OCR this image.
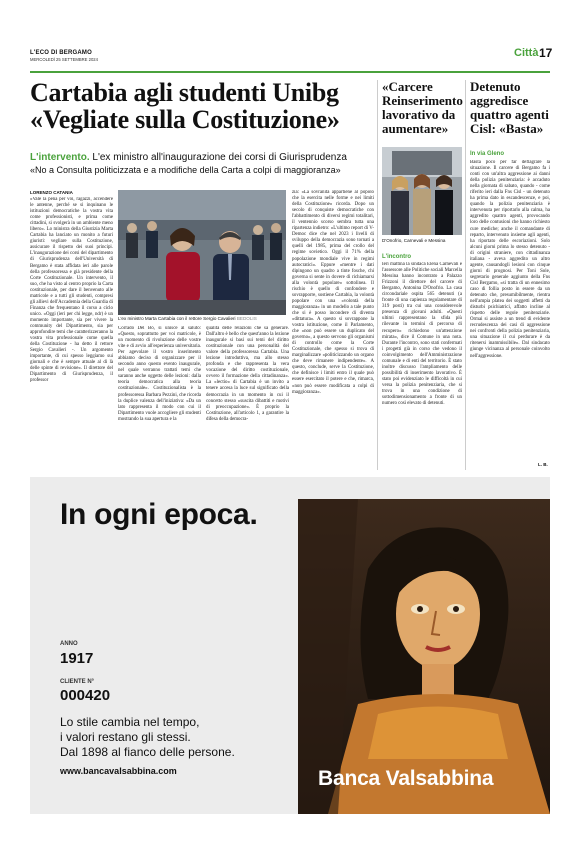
L'ECO DI BERGAMO
MERCOLEDÌ 25 SETTEMBRE 2024
Città 17
Cartabia agli studenti Unibg
«Vegliate sulla Costituzione»
L'intervento. L'ex ministro all'inaugurazione dei corsi di Giurisprudenza
«No a Consulta politicizzata e a modifiche della Carta a colpi di maggioranza»
LORENZO CATANIA
«Vale la pena per voi, ragazzi, accendere le antenne, perché se si inquinano le istituzioni democratiche la vostra vita come professionisti, e prima come cittadini, si svolgerà in un ambiente meno libero». Lo ministra della Giustizia Marta Cartabia ha lanciato un monito a futuri giuristi: vegliare sulla Costituzione, assicurare il rispetto dei suoi principi. L'inaugurazione dei corsi del dipartimento di Giurisprudenza dell'Università di Bergamo è stata affidata ieri alle parole della professoressa e già presidente della Corte Costituzionale. Un intervento, il suo, che ha visto al centro proprio la Carta costituzionale, per dare il benvenuto alle matricole e a tutti gli studenti, compresi gli allievi dell'Accademia della Guardia di Finanza che frequentano il corso a ciclo unico. «Oggi (ieri per chi legge, ndr) è un momento importante, sia per vivere la community del Dipartimento, sia per approfondire temi che caratterizzeranno la vostra vita professionale come quella della Costituzione - ha detto il rettore Sergio Cavalieri -. Un argomento importante, di cui spesso leggiamo sui giornali e che è sempre attuale al di là delle spinte di revisione». Il direttore del Dipartimento di Giurisprudenza, il professor
L'ex ministro Marta Cartabia con il rettore Sergio Cavalieri BEDOLIS
Corrado Del Bò, si unisce al saluto: «Questo, soprattutto per voi matricole, è un momento di rivoluzione delle vostre vite e di avvio all'esperienza universitaria. Per agevolare il vostro inserimento abbiamo deciso di organizzare per il secondo anno questo evento inaugurale, nel quale verranno trattati temi che saranno anche oggetto delle lezioni: dalla teoria democratica alla teoria costituzionale». Costituzionalista è la professoressa Barbara Pezzini, che ricorda la duplice valenza dell'iniziativa: «Da un lato rappresenta il modo con cui il Dipartimento vuole accogliere gli studenti mostrando la sua apertura e la
qualità delle relazioni che sa generare. Dall'altro è bello che quest'anno la lezione inaugurale si basi sui temi del diritto costituzionale con una personalità del valore della professoressa Cartabia. Una lezione introduttiva, ma allo stesso profonda e che rappresenta la vera vocazione del diritto costituzionale, ovvero il formazione della cittadinanza». La «lectio» di Cartabia è un invito a tenere accesa la luce sul significato della democrazia in un momento in cui il concetto stesso «suscita dibattiti e motivi di preoccupazione». È proprio la Costituzione, all'articolo 1, a garantire la difesa della democra-
zia: «La sovranità appartiene al popolo che la esercita nelle forme e nei limiti della Costituzione» ricorda. Dopo un secolo di conquiste democratiche con l'abbattimento di diversi regimi totalitari, il ventennio scorso sembra tutta una ripartenza indietro: «L'ultimo report di V-Democ dice che nel 2023 i livelli di sviluppo della democrazia sono tornati a quelli del 1985, prima del crollo del regime sovietico. Oggi il 71% della popolazione mondiale vive in regimi autocratici». Eppure «mentre i dati dipingono un quadro a tinte fosche, chi governa si sente in dovere di richiamarsi alla volontà popolare» sottolinea. Il rischio è quello di confondere e sovrapporre, sostiene Cartabia, la volontà popolare con una «volontà della maggioranza» in un modello a tale punto che si è posso incondere di diventa «dittatura». A questo si sovrappone la vostra istituzione, come il Parlamento, che «non può essere un duplicato del governo», a questo servono gli organismi di controllo come la Corte Costituzionale, che spesso si trova di marginalizzare «politicizzando un organo che deve rimanere indipendente». A questo, conclude, serve la Costituzione, che definisce i limiti entro il quale può essere esercitato il potere e che, rimarca, «non può essere modificata a colpi di maggioranza».
«Carcere Reinserimento lavorativo da aumentare»
D'Onofrio, Carnevali e Messina
L'incontro
Ieri mattina la sindaca Elena Carnevali e l'assessore alle Politiche sociali Marcella Messina hanno incontrato a Palazzo Frizzoni il direttore del carcere di Bergamo, Antonina D'Onofrio. La casa circondariale ospita 565 detenuti (a fronte di una capienza regolamentare di 319 posti) tra cui una considerevole presenza di giovani adulti. «Questi ultimi rappresentano la sfida più rilevante in termini di percorso di recupero» richiedono un'attenzione mirata», dice il Comune in una nota. Durante l'incontro, sono stati confermati i progetti già in corso che vedono il coinvolgimento dell'Amministrazione comunale e di enti del territorio. È stato inoltre discusso l'ampliamento delle possibilità di inserimento lavorativo. È stato poi evidenziato le difficoltà in cui versa la polizia penitenziaria, che si trova in una condizione di sottodimensionamento a fronte di un numero così elevato di detenuti.
Detenuto aggredisce quattro agenti Cisl: «Basta»
In via Gleno
Basta poco per far deflagrare la situazione. Il carcere di Bergamo fa i conti con un'altra aggressione ai danni della polizia penitenziaria: è accaduto nella giornata di sabato, quando - come riferito ieri dalla Fns Cisl - un detenuto ha prima dato in escandescenze, e poi, quando la polizia penitenziaria è intervenuta per riportarlo alla calma, ha aggredito quattro agenti, provocando loro delle contusioni che hanno richiesto cure mediche; anche il comandante di reparto, intervenuto insieme agli agenti, ha riportato delle escoriazioni. Solo alcuni giorni prima lo stesso detenuto - di origini straniere, con cittadinanza italiana - aveva aggredito un altro agente, causandogli lesioni con cinque giorni di prognosi. Per Toni Sole, segretario generale aggiunto della Fns Cisl Bergamo, «si tratta di un ennesimo caso di follia posto in essere da un detenuto che, presumibilmente, rientra nell'ampia platea dei soggetti affetti da disturbi psichiatrici, affatto incline al rispetto delle regole penitenziarie. Ormai si assiste a un trend di evidente recrudescenza dei casi di aggressione nei confronti della polizia penitenziaria, una situazione il cui perdurare è da ritenersi inammissibile». Dal sindacato giunge vicinanza al personale coinvolto nell'aggressione.
L. B.
In ogni epoca.
ANNO
1917
CLIENTE N°
000420
Lo stile cambia nel tempo,
i valori restano gli stessi.
Dal 1898 al fianco delle persone.
www.bancavalsabbina.com	Banca Valsabbina
